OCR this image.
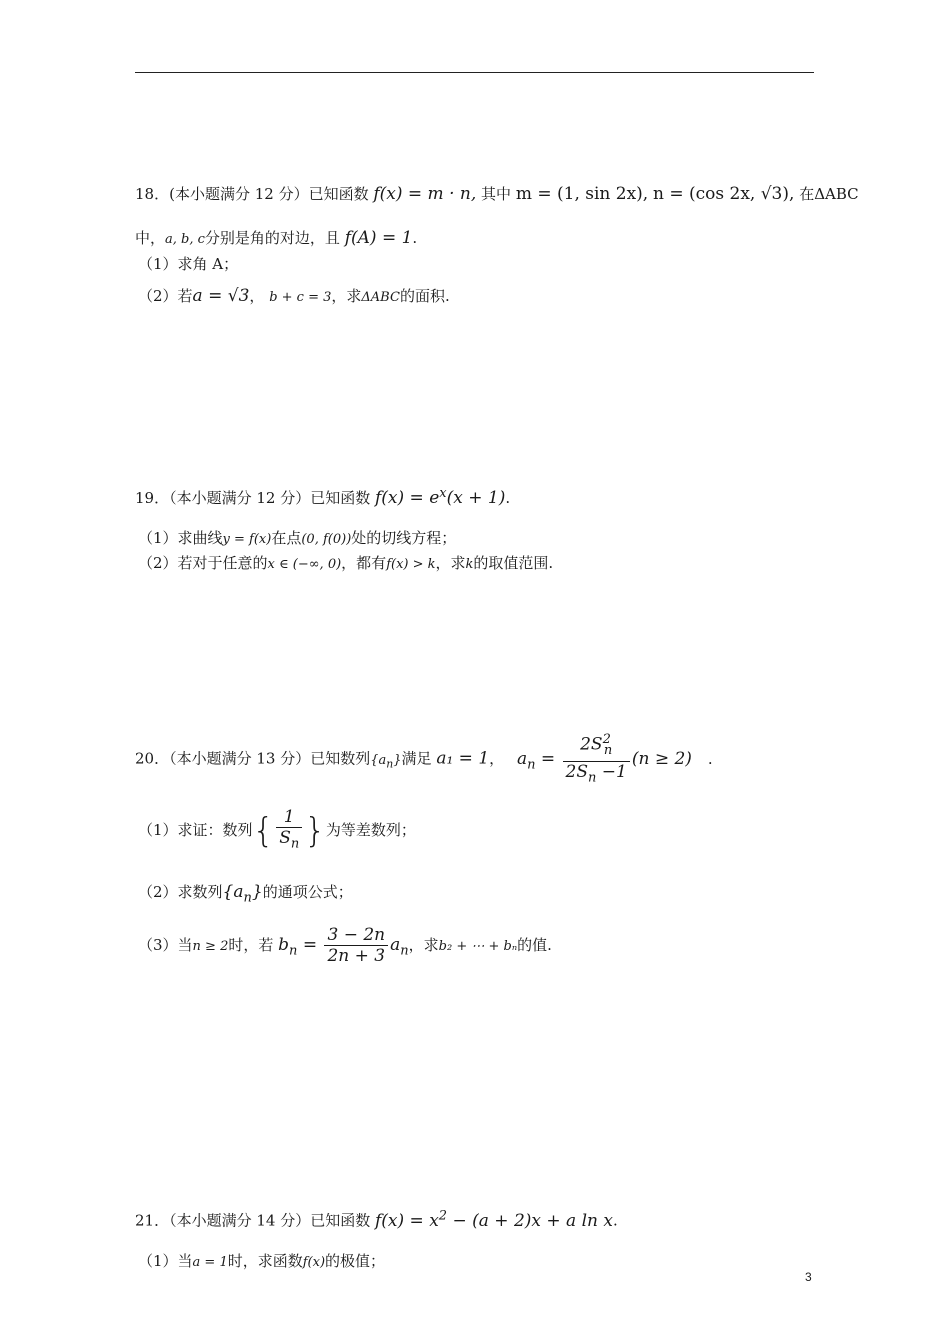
18．(本小题满分 12 分）已知函数 f(x) = m · n, 其中 m = (1, sin 2x), n = (cos 2x, √3), 在ΔABC
中，a, b, c分别是角的对边，且 f(A) = 1.
（1）求角 A；
（2）若a = √3， b + c = 3，求ΔABC的面积.
19．（本小题满分 12 分）已知函数 $f(x) = e^x(x + 1)$.
（1）求曲线y = f(x)在点(0, f(0))处的切线方程；
（2）若对于任意的x ∈ (−∞, 0)，都有f(x) > k，求k的取值范围.
20．（本小题满分 13 分）已知数列$\{a_n\}$满足 a₁ = 1， $a_n = \frac{2S^2_n}{2S_n -1} (n \ge 2)$ .
（1）求证：数列{ $\frac{1}{S_n}$ }为等差数列；
（2）求数列$\{a_n\}$的通项公式；
（3）当n ≥ 2时，若 $b_n = \frac{3 - 2n}{2n + 3} a_n$，求b₂ + ⋯ + bₙ的值.
21．（本小题满分 14 分）已知函数 $f(x) = x^2 - (a + 2)x + a$ ln x.
（1）当a = 1时，求函数f(x)的极值；
3
